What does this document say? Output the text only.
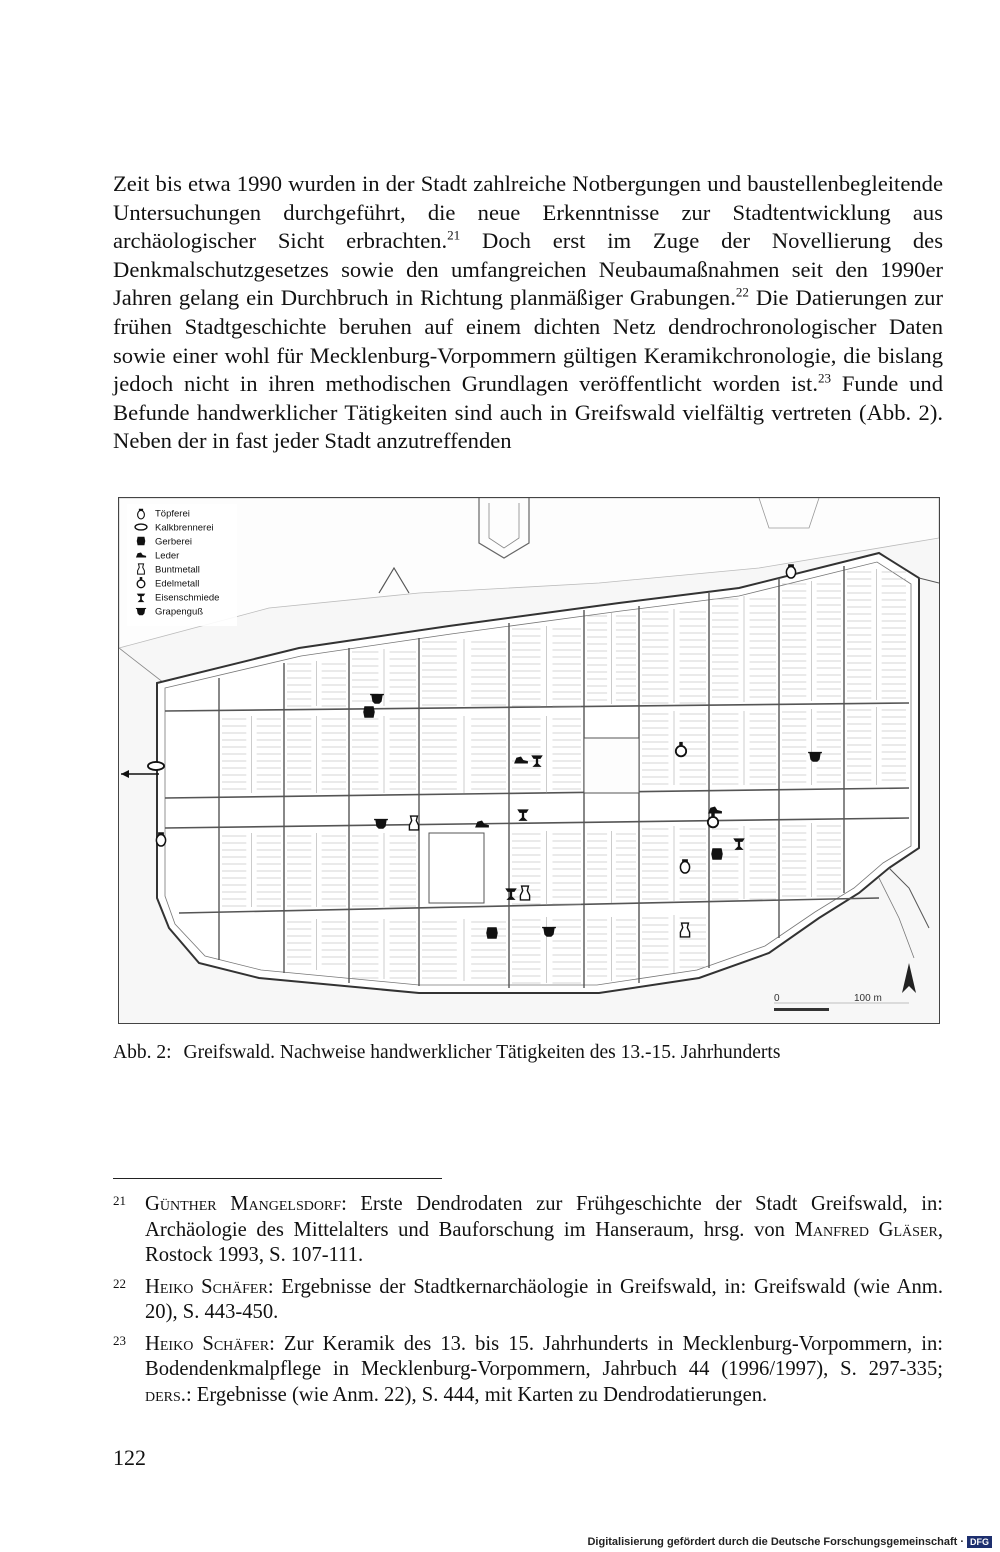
Zeit bis etwa 1990 wurden in der Stadt zahlreiche Notbergungen und baustellenbegleitende Untersuchungen durchgeführt, die neue Erkenntnisse zur Stadtentwicklung aus archäologischer Sicht erbrachten.$^{21}$ Doch erst im Zuge der Novellierung des Denkmalschutzgesetzes sowie den umfangreichen Neubaumaßnahmen seit den 1990er Jahren gelang ein Durchbruch in Richtung planmäßiger Grabungen.$^{22}$ Die Datierungen zur frühen Stadtgeschichte beruhen auf einem dichten Netz dendrochronologischer Daten sowie einer wohl für Mecklenburg-Vorpommern gültigen Keramikchronologie, die bislang jedoch nicht in ihren methodischen Grundlagen veröffentlicht worden ist.$^{23}$ Funde und Befunde handwerklicher Tätigkeiten sind auch in Greifswald vielfältig vertreten (Abb. 2). Neben der in fast jeder Stadt anzutreffenden

Töpferei
Kalkbrennerei
Gerberei
Leder
Buntmetall
Edelmetall
Eisenschmiede
Grapenguß
0	100 m

Abb. 2: Greifswald. Nachweise handwerklicher Tätigkeiten des 13.-15. Jahrhunderts

21 Günther Mangelsdorf: Erste Dendrodaten zur Frühgeschichte der Stadt Greifswald, in: Archäologie des Mittelalters und Bauforschung im Hanseraum, hrsg. von Manfred Gläser, Rostock 1993, S. 107-111.
22 Heiko Schäfer: Ergebnisse der Stadtkernarchäologie in Greifswald, in: Greifswald (wie Anm. 20), S. 443-450.
23 Heiko Schäfer: Zur Keramik des 13. bis 15. Jahrhunderts in Mecklenburg-Vorpommern, in: Bodendenkmalpflege in Mecklenburg-Vorpommern, Jahrbuch 44 (1996/1997), S. 297-335; ders.: Ergebnisse (wie Anm. 22), S. 444, mit Karten zu Dendrodatierungen.
122
Digitalisierung gefördert durch die Deutsche Forschungsgemeinschaft · DFG
